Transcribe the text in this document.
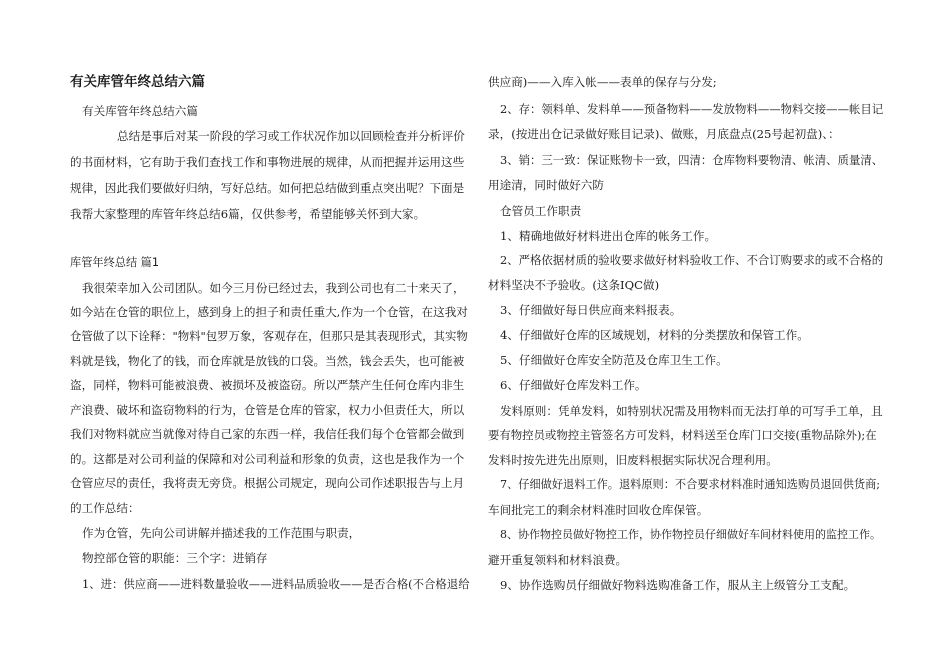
有关库管年终总结六篇
有关库管年终总结六篇
总结是事后对某一阶段的学习或工作状况作加以回顾检查并分析评价
的书面材料，它有助于我们查找工作和事物进展的规律，从而把握并运用这些
规律，因此我们要做好归纳，写好总结。如何把总结做到重点突出呢？下面是
我帮大家整理的库管年终总结6篇，仅供参考，希望能够关怀到大家。
库管年终总结 篇1
我很荣幸加入公司团队。如今三月份已经过去，我到公司也有二十来天了，
如今站在仓管的职位上，感到身上的担子和责任重大,作为一个仓管，在这我对
仓管做了以下诠释："物料"包罗万象，客观存在，但那只是其表现形式，其实物
料就是钱，物化了的钱，而仓库就是放钱的口袋。当然，钱会丢失，也可能被
盗，同样，物料可能被浪费、被损坏及被盗窃。所以严禁产生任何仓库内非生
产浪费、破坏和盗窃物料的行为，仓管是仓库的管家，权力小但责任大，所以
我们对物料就应当就像对待自己家的东西一样，我信任我们每个仓管都会做到
的。这都是对公司利益的保障和对公司利益和形象的负责，这也是我作为一个
仓管应尽的责任，我将责无旁贷。根据公司规定，现向公司作述职报告与上月
的工作总结：
作为仓管，先向公司讲解并描述我的工作范围与职责，
物控部仓管的职能：三个字：进销存
1、进：供应商——进料数量验收——进料品质验收——是否合格(不合格退给
供应商)——入库入帐——表单的保存与分发;
2、存：领料单、发料单——预备物料——发放物料——物料交接——帐目记
录，(按进出仓记录做好账目记录)、做账，月底盘点(25号起初盘)、：
3、销：三一致：保证账物卡一致，四清：仓库物料要物清、帐清、质量清、
用途清，同时做好六防
仓管员工作职责
1、精确地做好材料进出仓库的帐务工作。
2、严格依据材质的验收要求做好材料验收工作、不合订购要求的或不合格的
材料坚决不予验收。(这条IQC做)
3、仔细做好每日供应商来料报表。
4、仔细做好仓库的区域规划，材料的分类摆放和保管工作。
5、仔细做好仓库安全防范及仓库卫生工作。
6、仔细做好仓库发料工作。
发料原则：凭单发料，如特别状况需及用物料而无法打单的可写手工单，且
要有物控员或物控主管签名方可发料，材料送至仓库门口交接(重物品除外);在
发料时按先进先出原则，旧废料根据实际状况合理利用。
7、仔细做好退料工作。退料原则：不合要求材料准时通知选购员退回供货商;
车间批完工的剩余材料准时回收仓库保管。
8、协作物控员做好物控工作，协作物控员仔细做好车间材料使用的监控工作。
避开重复领料和材料浪费。
9、协作选购员仔细做好物料选购准备工作，服从主上级管分工支配。
